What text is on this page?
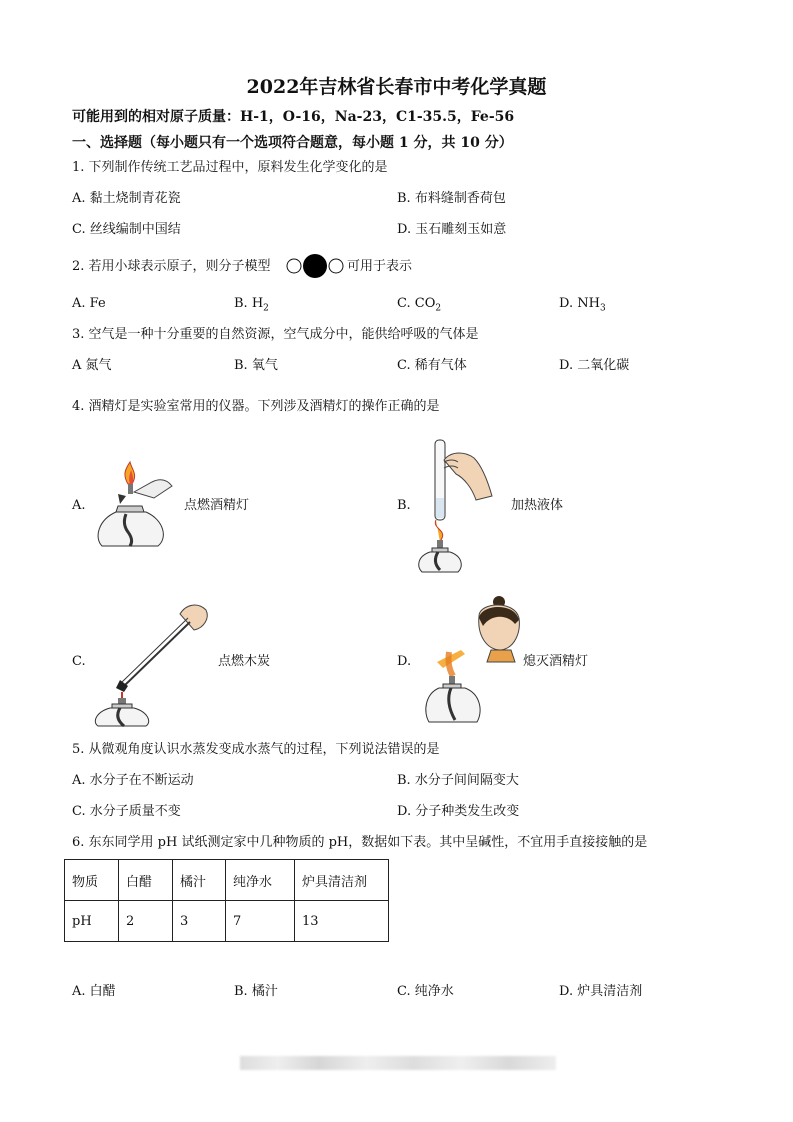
2022年吉林省长春市中考化学真题
可能用到的相对原子质量：H-1，O-16，Na-23，C1-35.5，Fe-56
一、选择题（每小题只有一个选项符合题意，每小题 1 分，共 10 分）
1. 下列制作传统工艺品过程中，原料发生化学变化的是
A. 黏土烧制青花瓷	B. 布料缝制香荷包
C. 丝线编制中国结	D. 玉石雕刻玉如意
2. 若用小球表示原子，则分子模型	可用于表示
A. Fe	B. $H_2$	C. $CO_2$	D. $NH_3$
3. 空气是一种十分重要的自然资源，空气成分中，能供给呼吸的气体是
A 氮气	B. 氧气	C. 稀有气体	D. 二氧化碳
4. 酒精灯是实验室常用的仪器。下列涉及酒精灯的操作正确的是
A.	点燃酒精灯	B.	加热液体
C.	点燃木炭	D.	熄灭酒精灯
5. 从微观角度认识水蒸发变成水蒸气的过程，下列说法错误的是
A. 水分子在不断运动	B. 水分子间间隔变大
C. 水分子质量不变	D. 分子种类发生改变
6. 东东同学用 pH 试纸测定家中几种物质的 pH，数据如下表。其中呈碱性，不宜用手直接接触的是
物质	白醋	橘汁	纯净水	炉具清洁剂
pH	2	3	7	13
A. 白醋	B. 橘汁	C. 纯净水	D. 炉具清洁剂
